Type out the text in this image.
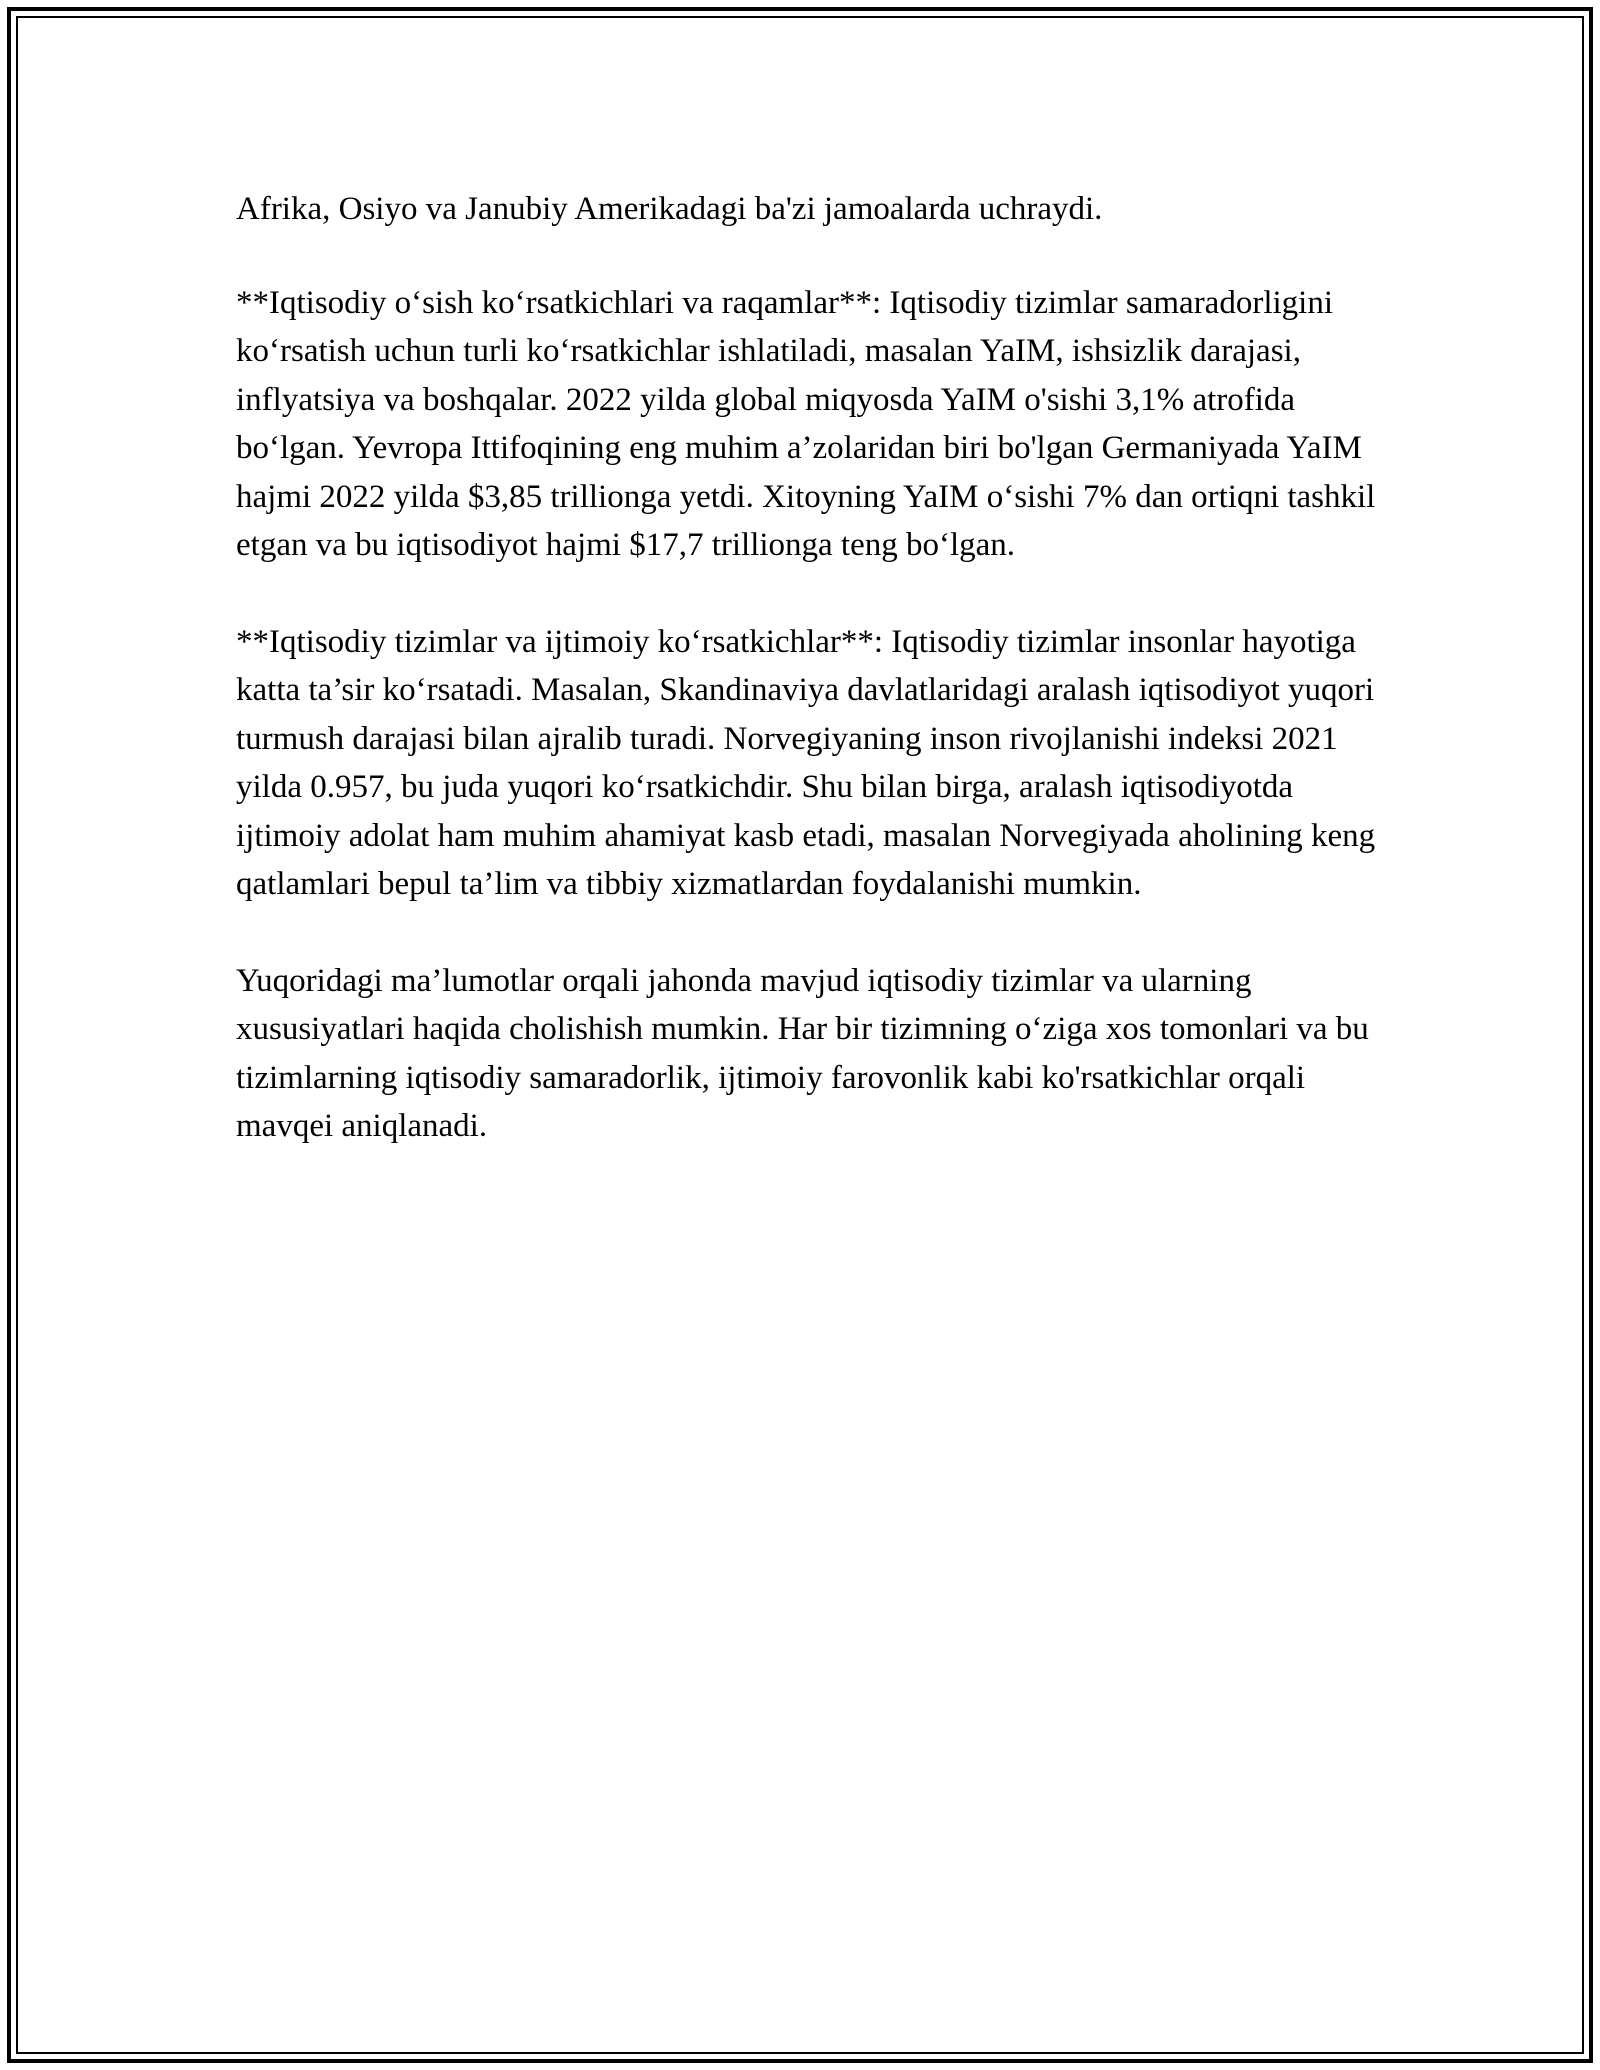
Afrika, Osiyo va Janubiy Amerikadagi ba'zi jamoalarda uchraydi.

**Iqtisodiy o‘sish ko‘rsatkichlari va raqamlar**: Iqtisodiy tizimlar samaradorligini ko‘rsatish uchun turli ko‘rsatkichlar ishlatiladi, masalan YaIM, ishsizlik darajasi, inflyatsiya va boshqalar. 2022 yilda global miqyosda YaIM o'sishi 3,1% atrofida bo‘lgan. Yevropa Ittifoqining eng muhim a’zolaridan biri bo'lgan Germaniyada YaIM hajmi 2022 yilda $3,85 trillionga yetdi. Xitoyning YaIM o‘sishi 7% dan ortiqni tashkil etgan va bu iqtisodiyot hajmi $17,7 trillionga teng bo‘lgan.

**Iqtisodiy tizimlar va ijtimoiy ko‘rsatkichlar**: Iqtisodiy tizimlar insonlar hayotiga katta ta’sir ko‘rsatadi. Masalan, Skandinaviya davlatlaridagi aralash iqtisodiyot yuqori turmush darajasi bilan ajralib turadi. Norvegiyaning inson rivojlanishi indeksi 2021 yilda 0.957, bu juda yuqori ko‘rsatkichdir. Shu bilan birga, aralash iqtisodiyotda ijtimoiy adolat ham muhim ahamiyat kasb etadi, masalan Norvegiyada aholining keng qatlamlari bepul ta’lim va tibbiy xizmatlardan foydalanishi mumkin.

Yuqoridagi ma’lumotlar orqali jahonda mavjud iqtisodiy tizimlar va ularning xususiyatlari haqida cholishish mumkin. Har bir tizimning o‘ziga xos tomonlari va bu tizimlarning iqtisodiy samaradorlik, ijtimoiy farovonlik kabi ko'rsatkichlar orqali mavqei aniqlanadi.
